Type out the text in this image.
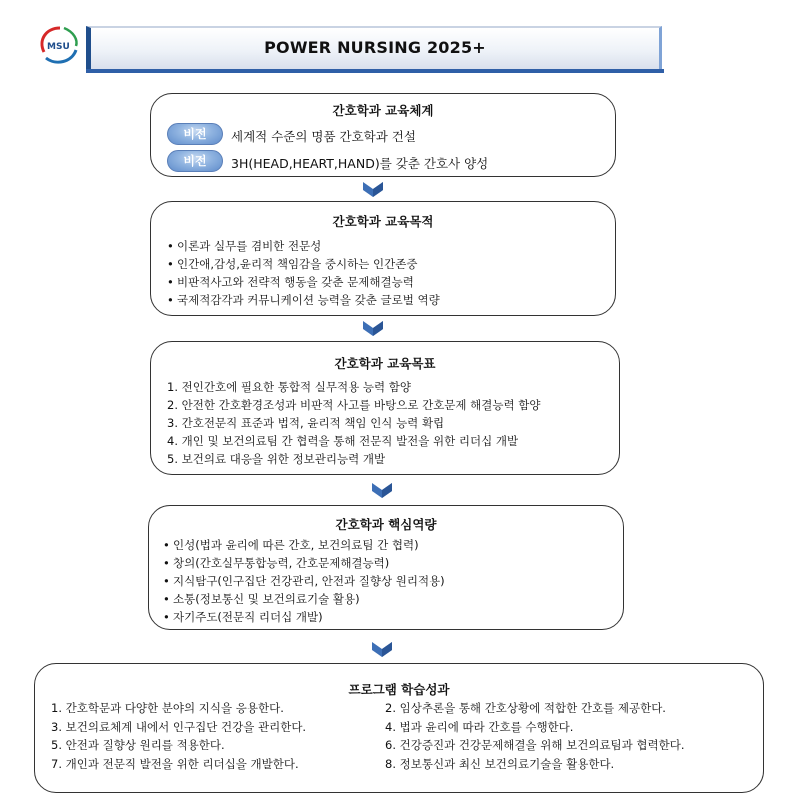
MSU	POWER NURSING 2025+
간호학과 교육체계
비전	세계적 수준의 명품 간호학과 건설
비전	3H(HEAD,HEART,HAND)를 갖춘 간호사 양성
간호학과 교육목적
• 이론과 실무를 겸비한 전문성
• 인간애,감성,윤리적 책임감을 중시하는 인간존중
• 비판적사고와 전략적 행동을 갖춘 문제해결능력
• 국제적감각과 커뮤니케이션 능력을 갖춘 글로벌 역량
간호학과 교육목표
1. 전인간호에 필요한 통합적 실무적용 능력 함양
2. 안전한 간호환경조성과 비판적 사고를 바탕으로 간호문제 해결능력 함양
3. 간호전문직 표준과 법적, 윤리적 책임 인식 능력 확립
4. 개인 및 보건의료팀 간 협력을 통해 전문직 발전을 위한 리더십 개발
5. 보건의료 대응을 위한 정보관리능력 개발
간호학과 핵심역량
• 인성(법과 윤리에 따른 간호, 보건의료팀 간 협력)
• 창의(간호실무통합능력, 간호문제해결능력)
• 지식탐구(인구집단 건강관리, 안전과 질향상 원리적용)
• 소통(정보통신 및 보건의료기술 활용)
• 자기주도(전문직 리더십 개발)
프로그램 학습성과
1. 간호학문과 다양한 분야의 지식을 응용한다.
3. 보건의료체계 내에서 인구집단 건강을 관리한다.
5. 안전과 질향상 원리를 적용한다.
7. 개인과 전문직 발전을 위한 리더십을 개발한다.
2. 임상추론을 통해 간호상황에 적합한 간호를 제공한다.
4. 법과 윤리에 따라 간호를 수행한다.
6. 건강증진과 건강문제해결을 위해 보건의료팀과 협력한다.
8. 정보통신과 최신 보건의료기술을 활용한다.
